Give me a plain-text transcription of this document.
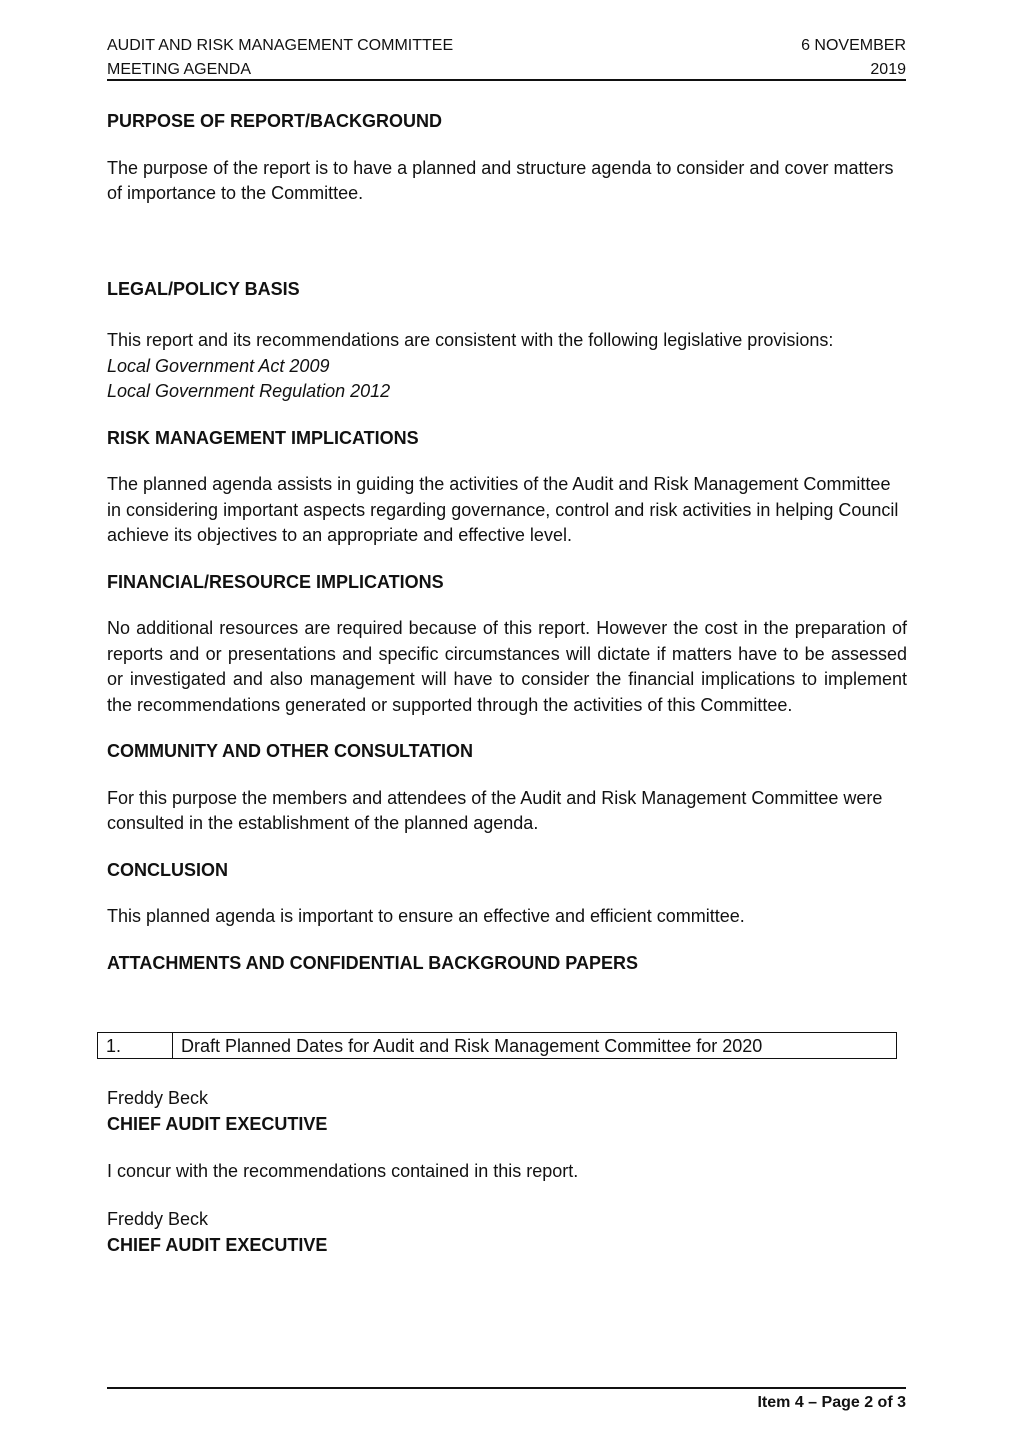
AUDIT AND RISK MANAGEMENT COMMITTEE
MEETING AGENDA
6 NOVEMBER
2019

PURPOSE OF REPORT/BACKGROUND

The purpose of the report is to have a planned and structure agenda to consider and cover matters of importance to the Committee.

LEGAL/POLICY BASIS

This report and its recommendations are consistent with the following legislative provisions:

Local Government Act 2009

Local Government Regulation 2012

RISK MANAGEMENT IMPLICATIONS

The planned agenda assists in guiding the activities of the Audit and Risk Management Committee in considering important aspects regarding governance, control and risk activities in helping Council achieve its objectives to an appropriate and effective level.

FINANCIAL/RESOURCE IMPLICATIONS

No additional resources are required because of this report. However the cost in the preparation of reports and or presentations and specific circumstances will dictate if matters have to be assessed or investigated and also management will have to consider the financial implications to implement the recommendations generated or supported through the activities of this Committee.

COMMUNITY AND OTHER CONSULTATION

For this purpose the members and attendees of the Audit and Risk Management Committee were consulted in the establishment of the planned agenda.

CONCLUSION

This planned agenda is important to ensure an effective and efficient committee.

ATTACHMENTS AND CONFIDENTIAL BACKGROUND PAPERS

1.	Draft Planned Dates for Audit and Risk Management Committee for 2020

Freddy Beck

CHIEF AUDIT EXECUTIVE

I concur with the recommendations contained in this report.

Freddy Beck

CHIEF AUDIT EXECUTIVE

Item 4 – Page 2 of 3
